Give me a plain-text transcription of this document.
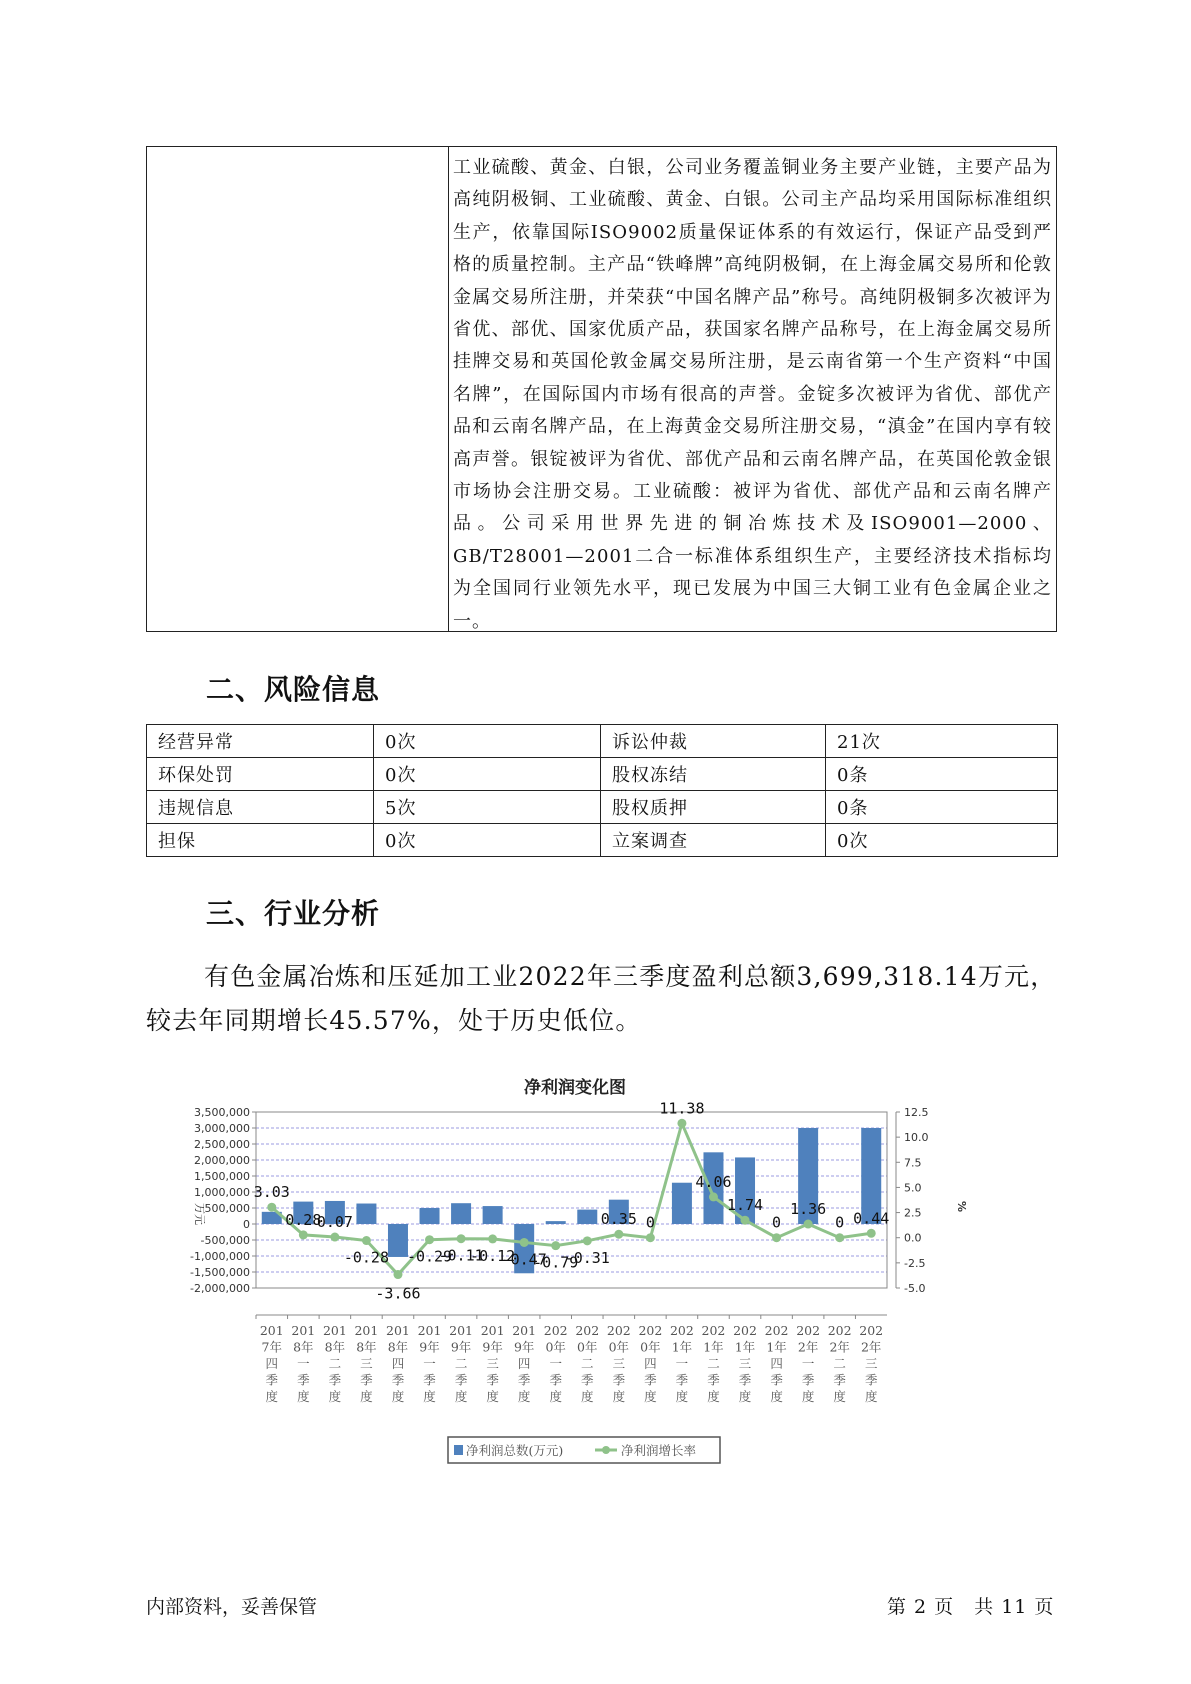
工业硫酸、黄金、白银，公司业务覆盖铜业务主要产业链，主要产品为高纯阴极铜、工业硫酸、黄金、白银。公司主产品均采用国际标准组织生产，依靠国际ISO9002质量保证体系的有效运行，保证产品受到严格的质量控制。主产品“铁峰牌”高纯阴极铜，在上海金属交易所和伦敦金属交易所注册，并荣获“中国名牌产品”称号。高纯阴极铜多次被评为省优、部优、国家优质产品，获国家名牌产品称号，在上海金属交易所挂牌交易和英国伦敦金属交易所注册，是云南省第一个生产资料“中国名牌”，在国际国内市场有很高的声誉。金锭多次被评为省优、部优产品和云南名牌产品，在上海黄金交易所注册交易，“滇金”在国内享有较高声誉。银锭被评为省优、部优产品和云南名牌产品，在英国伦敦金银市场协会注册交易。工业硫酸：被评为省优、部优产品和云南名牌产品。公司采用世界先进的铜冶炼技术及ISO9001—2000、GB/T28001—2001二合一标准体系组织生产，主要经济技术指标均为全国同行业领先水平，现已发展为中国三大铜工业有色金属企业之一。
二、风险信息
经营异常	0次	诉讼仲裁	21次
环保处罚	0次	股权冻结	0条
违规信息	5次	股权质押	0条
担保	0次	立案调查	0次
三、行业分析

有色金属冶炼和压延加工业2022年三季度盈利总额3,699,318.14万元，较去年同期增长45.57%，处于历史低位。

净利润变化图
3,500,000
3,000,000
2,500,000
2,000,000
1,500,000
1,000,000
500,000
0
-500,000
-1,000,000
-1,500,000
-2,000,000
12.5
10.0
7.5
5.0
2.5
0.0
-2.5
-5.0
万元	%
3.03
0.28
0.07
-0.28
-3.66
-0.29
-0.11
-0.12
-0.47
-0.79
-0.31
0.35 0
11.38
4.06
1.74
0
1.36
0 0.44
201
7年
四
季
度
201
8年
一
季
度
201
8年
二
季
度
201
8年
三
季
度
201
8年
四
季
度
201
9年
一
季
度
201
9年
二
季
度
201
9年
三
季
度
201
9年
四
季
度
202
0年
一
季
度
202
0年
二
季
度
202
0年
三
季
度
202
0年
四
季
度
202
1年
一
季
度
202
1年
二
季
度
202
1年
三
季
度
202
1年
四
季
度
202
2年
一
季
度
202
2年
二
季
度
202
2年
三
季
度
净利润总数(万元)	净利润增长率
内部资料，妥善保管	第 2 页　共 11 页
